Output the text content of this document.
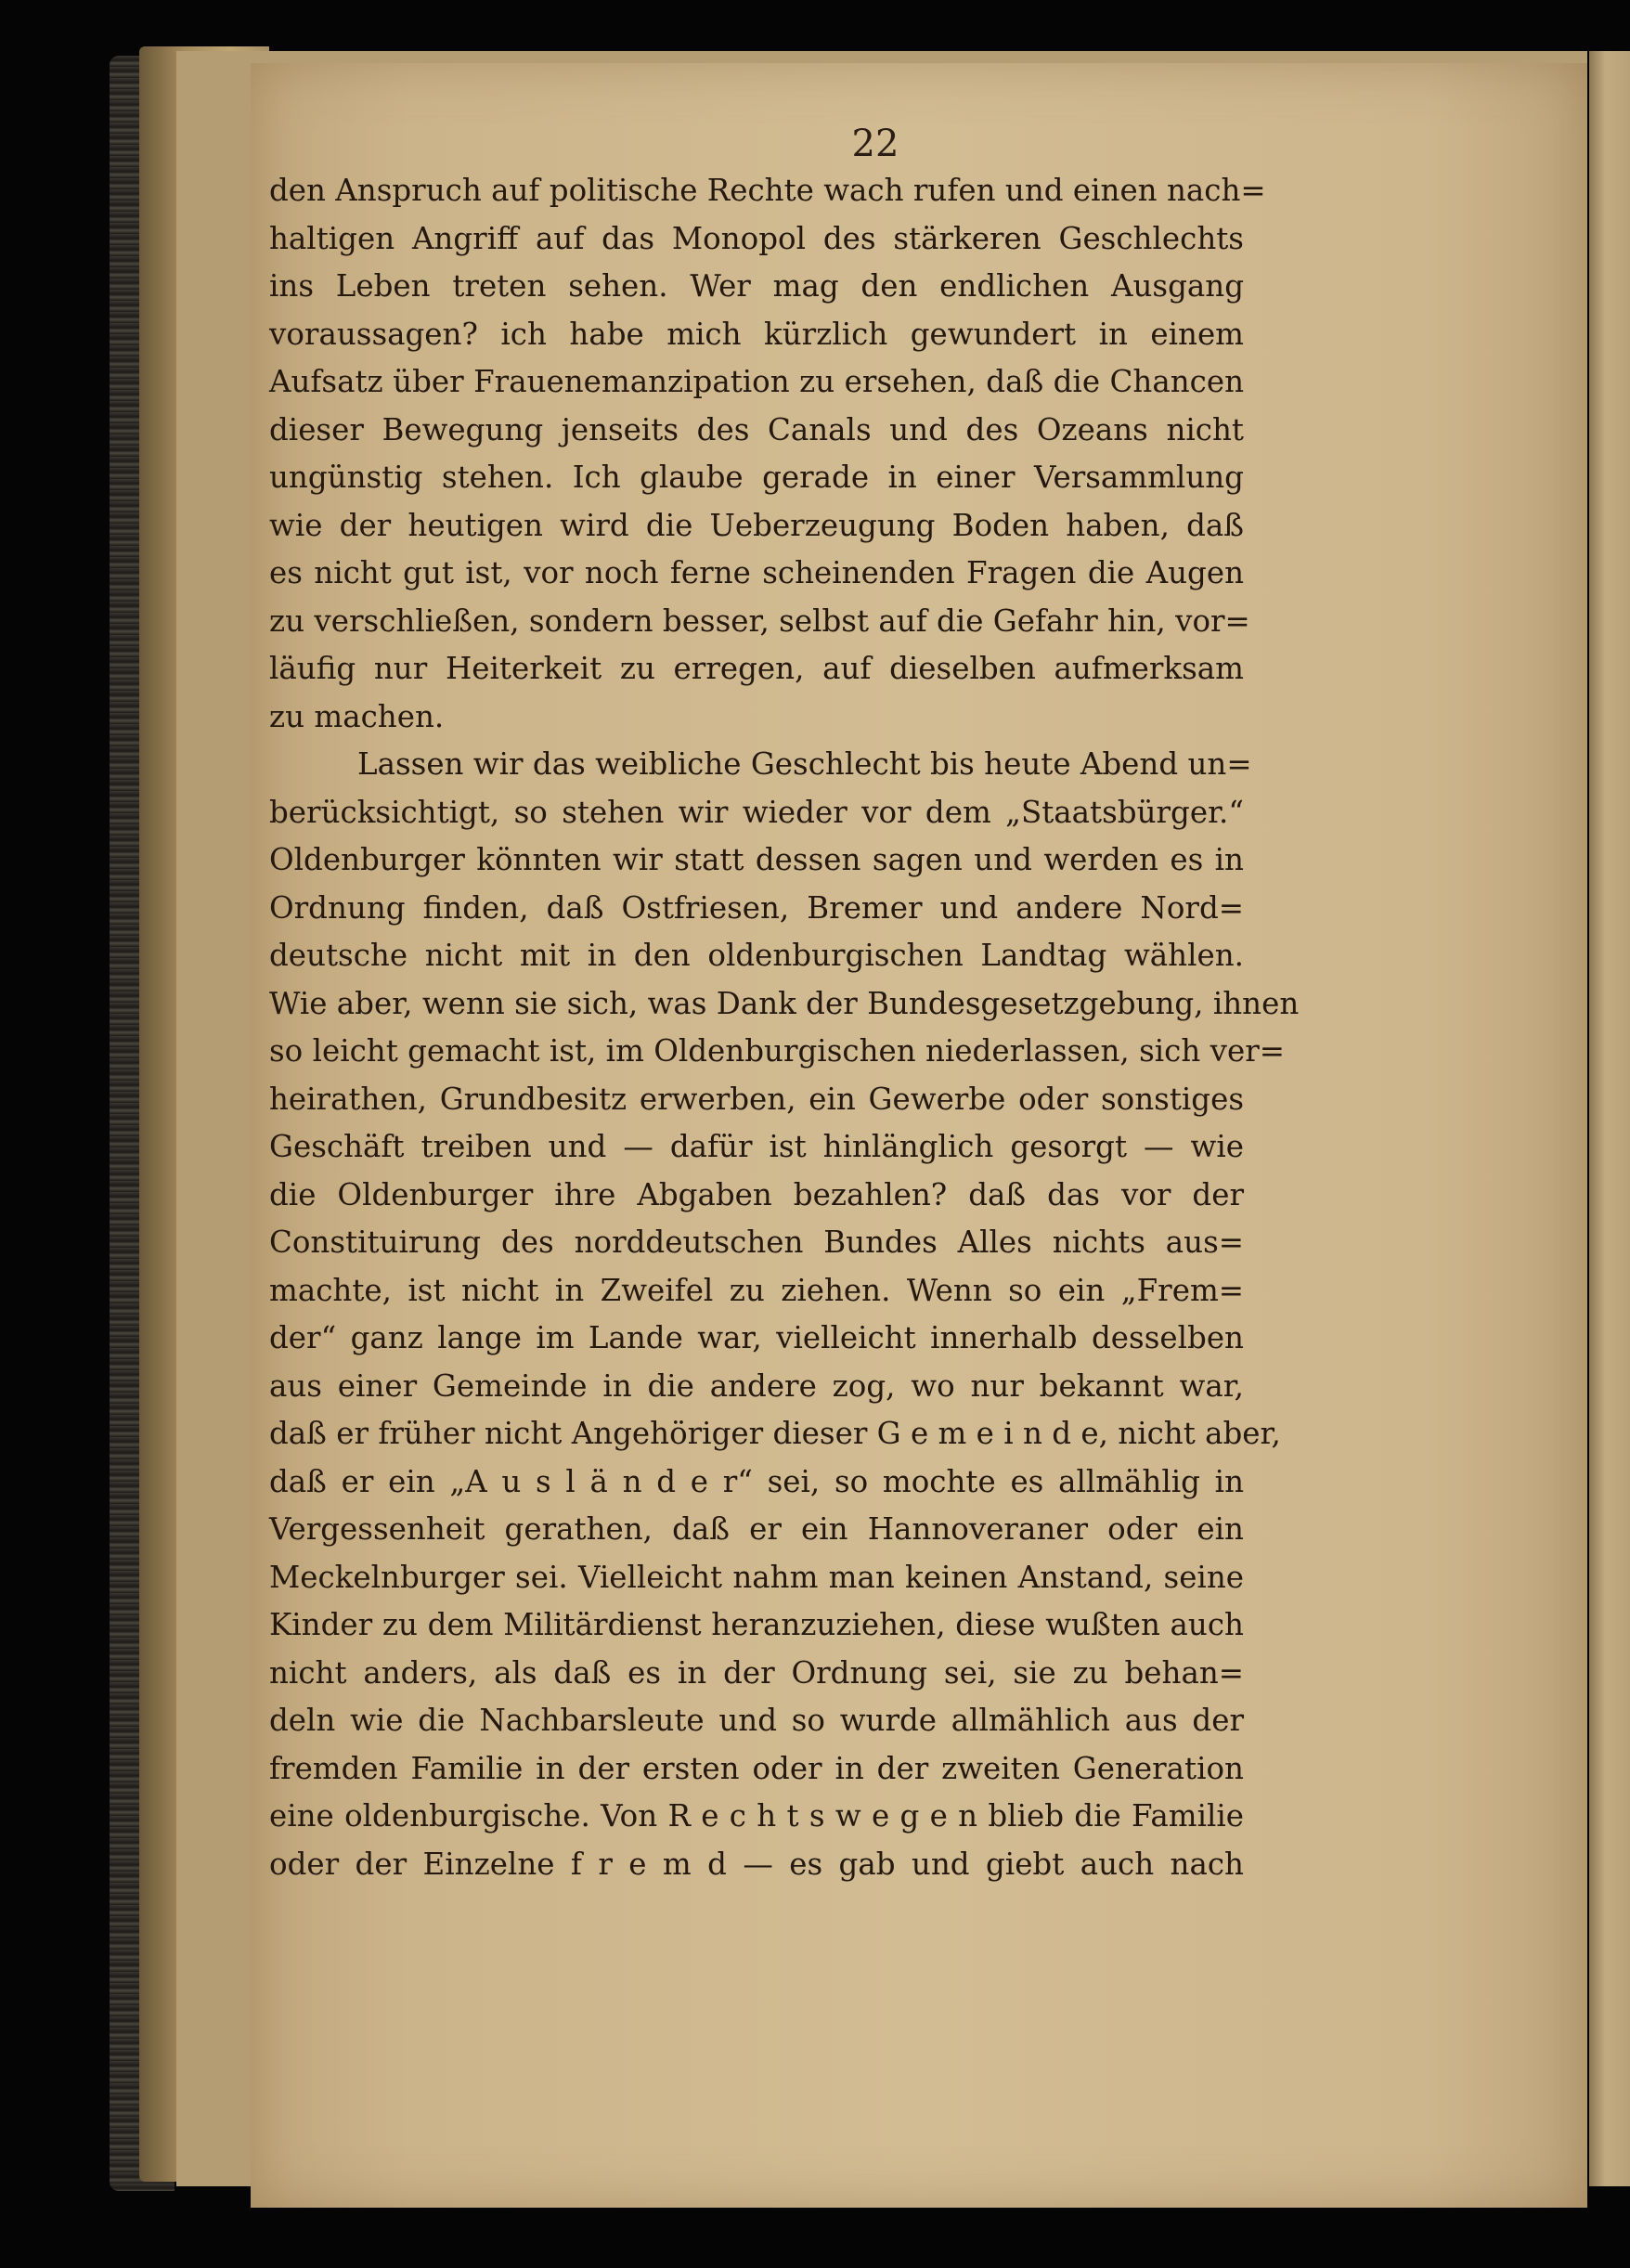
22
den Anspruch auf politische Rechte wach rufen und einen nach=
haltigen Angriff auf das Monopol des stärkeren Geschlechts
ins Leben treten sehen. Wer mag den endlichen Ausgang
voraussagen? ich habe mich kürzlich gewundert in einem
Aufsatz über Frauenemanzipation zu ersehen, daß die Chancen
dieser Bewegung jenseits des Canals und des Ozeans nicht
ungünstig stehen. Ich glaube gerade in einer Versammlung
wie der heutigen wird die Ueberzeugung Boden haben, daß
es nicht gut ist, vor noch ferne scheinenden Fragen die Augen
zu verschließen, sondern besser, selbst auf die Gefahr hin, vor=
läufig nur Heiterkeit zu erregen, auf dieselben aufmerksam
zu machen.
Lassen wir das weibliche Geschlecht bis heute Abend un=
berücksichtigt, so stehen wir wieder vor dem „Staatsbürger.“
Oldenburger könnten wir statt dessen sagen und werden es in
Ordnung finden, daß Ostfriesen, Bremer und andere Nord=
deutsche nicht mit in den oldenburgischen Landtag wählen.
Wie aber, wenn sie sich, was Dank der Bundesgesetzgebung, ihnen
so leicht gemacht ist, im Oldenburgischen niederlassen, sich ver=
heirathen, Grundbesitz erwerben, ein Gewerbe oder sonstiges
Geschäft treiben und — dafür ist hinlänglich gesorgt — wie
die Oldenburger ihre Abgaben bezahlen? daß das vor der
Constituirung des norddeutschen Bundes Alles nichts aus=
machte, ist nicht in Zweifel zu ziehen. Wenn so ein „Frem=
der“ ganz lange im Lande war, vielleicht innerhalb desselben
aus einer Gemeinde in die andere zog, wo nur bekannt war,
daß er früher nicht Angehöriger dieser G e m e i n d e, nicht aber,
daß er ein „A u s l ä n d e r“ sei, so mochte es allmählig in
Vergessenheit gerathen, daß er ein Hannoveraner oder ein
Meckelnburger sei. Vielleicht nahm man keinen Anstand, seine
Kinder zu dem Militärdienst heranzuziehen, diese wußten auch
nicht anders, als daß es in der Ordnung sei, sie zu behan=
deln wie die Nachbarsleute und so wurde allmählich aus der
fremden Familie in der ersten oder in der zweiten Generation
eine oldenburgische. Von R e c h t s w e g e n blieb die Familie
oder der Einzelne f r e m d — es gab und giebt auch nach
